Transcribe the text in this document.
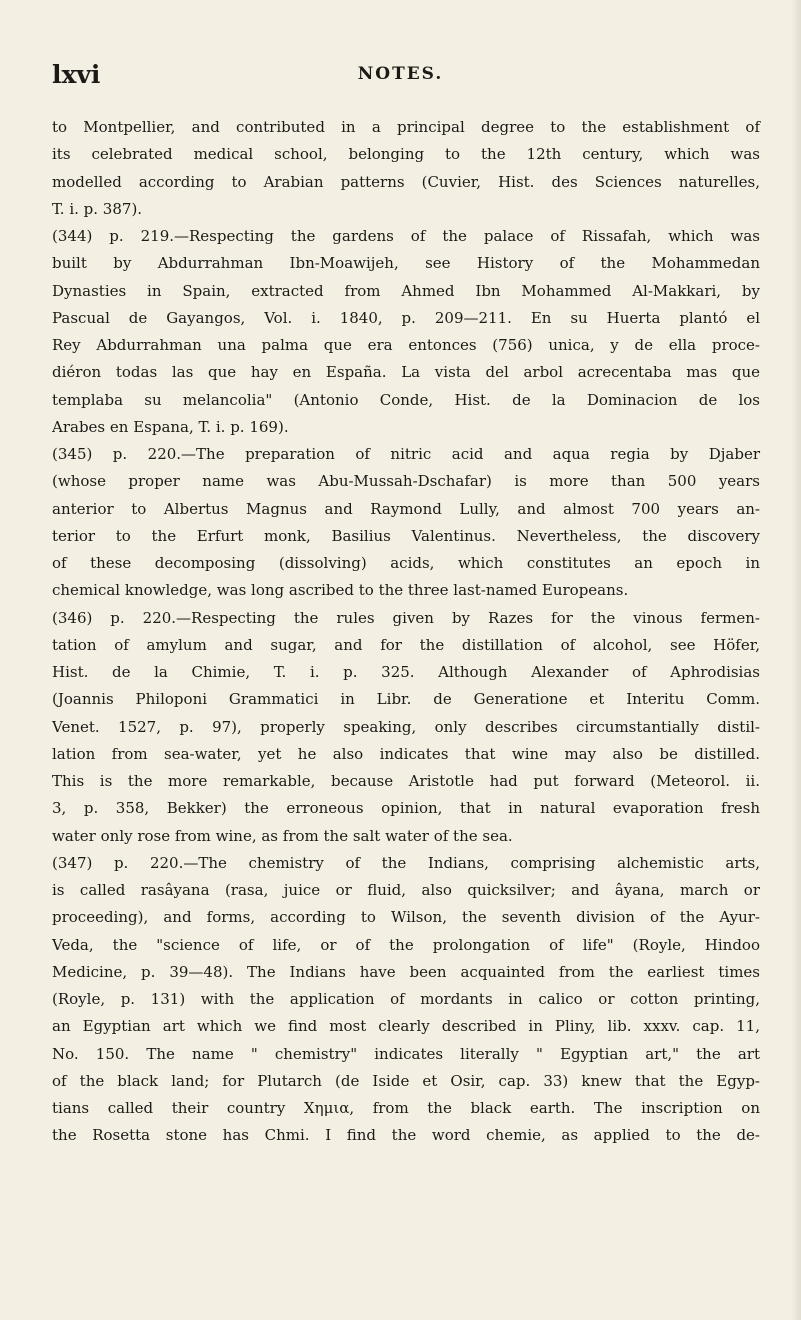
lxvi	NOTES.
to Montpellier, and contributed in a principal degree to the establishment of
its celebrated medical school, belonging to the 12th century, which was
modelled according to Arabian patterns (Cuvier, Hist. des Sciences naturelles,
T. i. p. 387).
(344) p. 219.—Respecting the gardens of the palace of Rissafah, which was
built by Abdurrahman Ibn-Moawijeh, see History of the Mohammedan
Dynasties in Spain, extracted from Ahmed Ibn Mohammed Al-Makkari, by
Pascual de Gayangos, Vol. i. 1840, p. 209—211. En su Huerta plantó el
Rey Abdurrahman una palma que era entonces (756) unica, y de ella proce-
diéron todas las que hay en España. La vista del arbol acrecentaba mas que
templaba su melancolia" (Antonio Conde, Hist. de la Dominacion de los
Arabes en Espana, T. i. p. 169).
(345) p. 220.—The preparation of nitric acid and aqua regia by Djaber
(whose proper name was Abu-Mussah-Dschafar) is more than 500 years
anterior to Albertus Magnus and Raymond Lully, and almost 700 years an-
terior to the Erfurt monk, Basilius Valentinus. Nevertheless, the discovery
of these decomposing (dissolving) acids, which constitutes an epoch in
chemical knowledge, was long ascribed to the three last-named Europeans.
(346) p. 220.—Respecting the rules given by Razes for the vinous fermen-
tation of amylum and sugar, and for the distillation of alcohol, see Höfer,
Hist. de la Chimie, T. i. p. 325. Although Alexander of Aphrodisias
(Joannis Philoponi Grammatici in Libr. de Generatione et Interitu Comm.
Venet. 1527, p. 97), properly speaking, only describes circumstantially distil-
lation from sea-water, yet he also indicates that wine may also be distilled.
This is the more remarkable, because Aristotle had put forward (Meteorol. ii.
3, p. 358, Bekker) the erroneous opinion, that in natural evaporation fresh
water only rose from wine, as from the salt water of the sea.
(347) p. 220.—The chemistry of the Indians, comprising alchemistic arts,
is called rasâyana (rasa, juice or fluid, also quicksilver; and âyana, march or
proceeding), and forms, according to Wilson, the seventh division of the Ayur-
Veda, the "science of life, or of the prolongation of life" (Royle, Hindoo
Medicine, p. 39—48). The Indians have been acquainted from the earliest times
(Royle, p. 131) with the application of mordants in calico or cotton printing,
an Egyptian art which we find most clearly described in Pliny, lib. xxxv. cap. 11,
No. 150. The name " chemistry" indicates literally " Egyptian art," the art
of the black land; for Plutarch (de Iside et Osir, cap. 33) knew that the Egyp-
tians called their country Χημια, from the black earth. The inscription on
the Rosetta stone has Chmi. I find the word chemie, as applied to the de-
